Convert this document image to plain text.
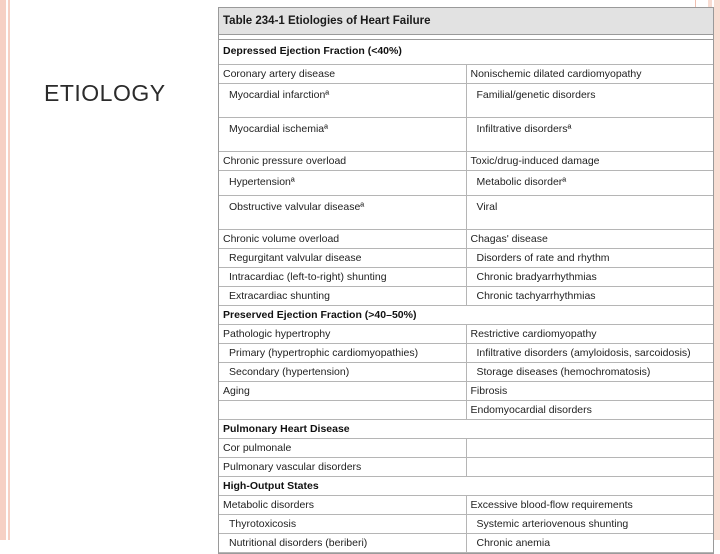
ETIOLOGY
Table 234-1 Etiologies of Heart Failure
Depressed Ejection Fraction (<40%)	
Coronary artery disease	Nonischemic dilated cardiomyopathy
Myocardial infarctionª	Familial/genetic disorders
Myocardial ischemiaª	Infiltrative disordersª
Chronic pressure overload	Toxic/drug-induced damage
Hypertensionª	Metabolic disorderª
Obstructive valvular diseaseª	Viral
Chronic volume overload	Chagas' disease
Regurgitant valvular disease	Disorders of rate and rhythm
Intracardiac (left-to-right) shunting	Chronic bradyarrhythmias
Extracardiac shunting	Chronic tachyarrhythmias
Preserved Ejection Fraction (>40–50%)	
Pathologic hypertrophy	Restrictive cardiomyopathy
Primary (hypertrophic cardiomyopathies)	Infiltrative disorders (amyloidosis, sarcoidosis)
Secondary (hypertension)	Storage diseases (hemochromatosis)
Aging	Fibrosis
	Endomyocardial disorders
Pulmonary Heart Disease	
Cor pulmonale	
Pulmonary vascular disorders	
High-Output States	
Metabolic disorders	Excessive blood-flow requirements
Thyrotoxicosis	Systemic arteriovenous shunting
Nutritional disorders (beriberi)	Chronic anemia
